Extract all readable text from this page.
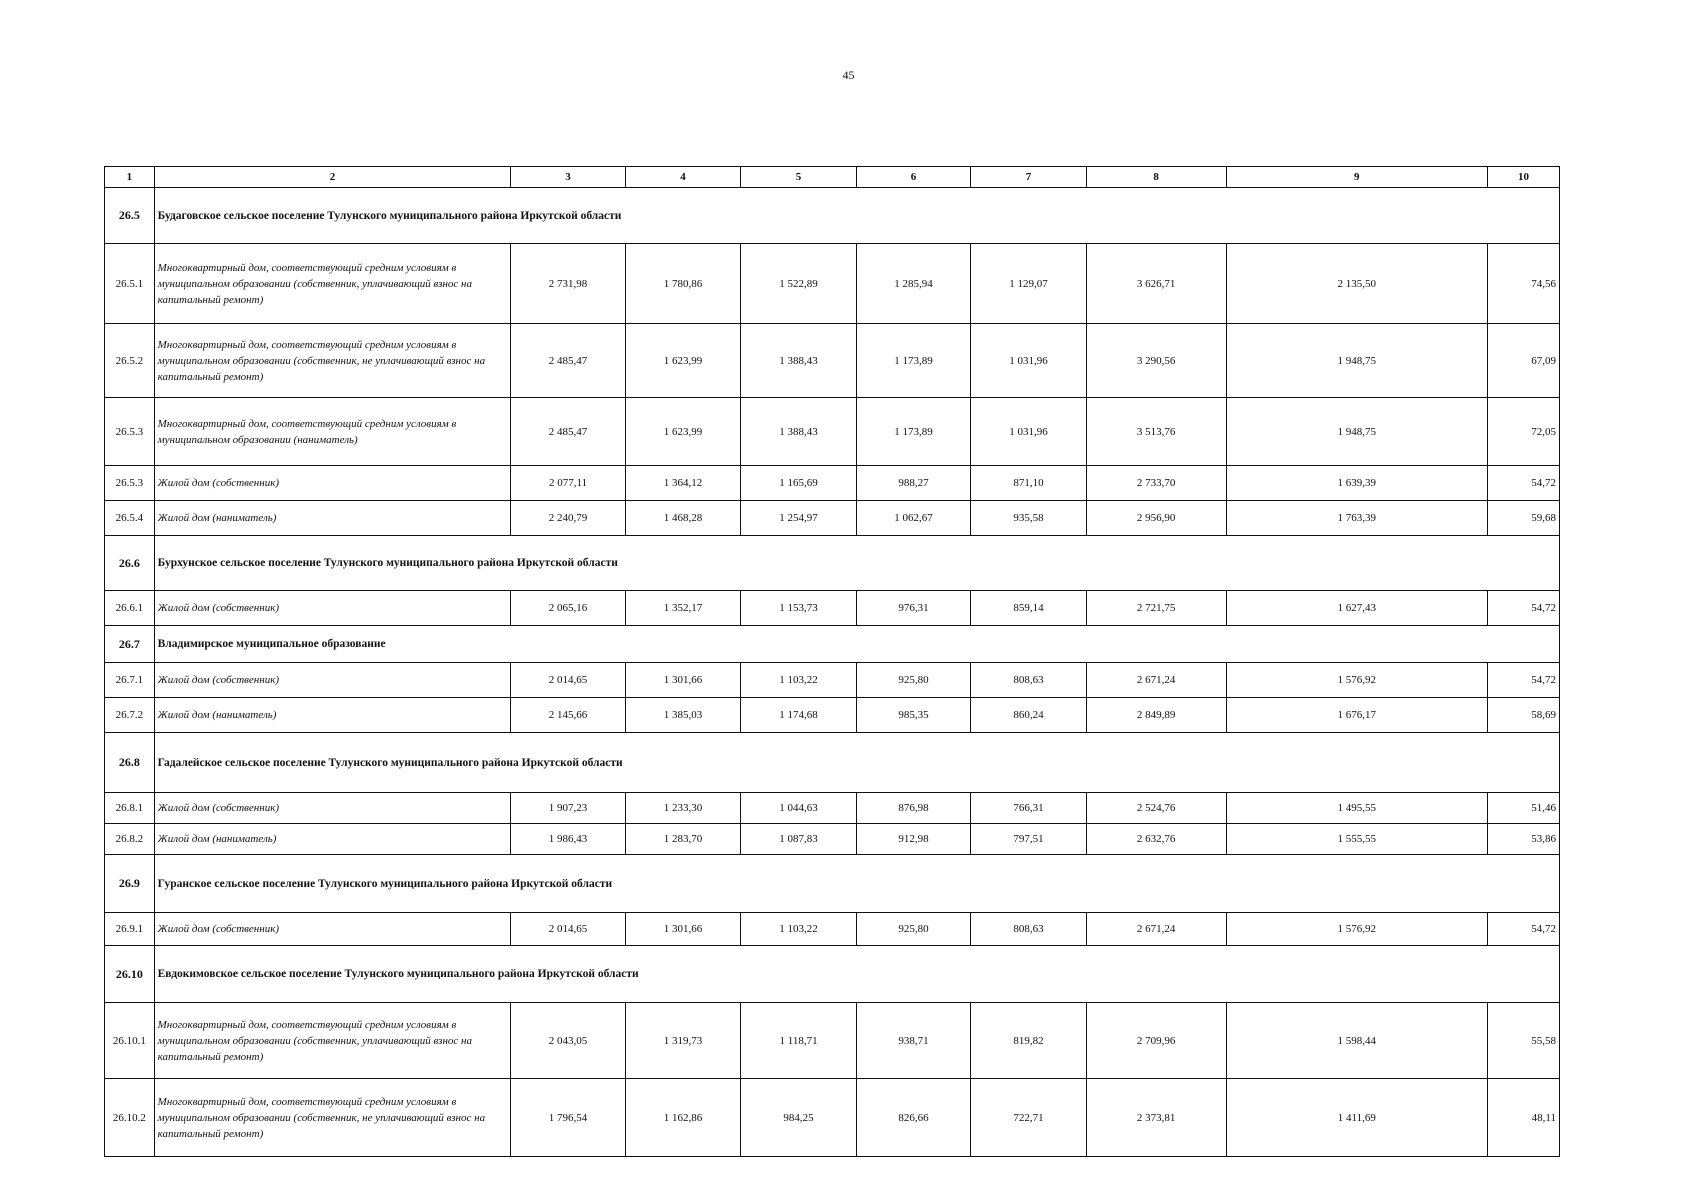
45
1	2	3	4	5	6	7	8	9	10
26.5	Будаговское сельское поселение Тулунского муниципального района Иркутской области								
26.5.1	Многоквартирный дом, соответствующий средним условиям в муниципальном образовании (собственник, уплачивающий взнос на капитальный ремонт)	2 731,98	1 780,86	1 522,89	1 285,94	1 129,07	3 626,71	2 135,50	74,56
26.5.2	Многоквартирный дом, соответствующий средним условиям в муниципальном образовании (собственник, не уплачивающий взнос на капитальный ремонт)	2 485,47	1 623,99	1 388,43	1 173,89	1 031,96	3 290,56	1 948,75	67,09
26.5.3	Многоквартирный дом, соответствующий средним условиям в муниципальном образовании (наниматель)	2 485,47	1 623,99	1 388,43	1 173,89	1 031,96	3 513,76	1 948,75	72,05
26.5.3	Жилой дом (собственник)	2 077,11	1 364,12	1 165,69	988,27	871,10	2 733,70	1 639,39	54,72
26.5.4	Жилой дом (наниматель)	2 240,79	1 468,28	1 254,97	1 062,67	935,58	2 956,90	1 763,39	59,68
26.6	Бурхунское сельское поселение Тулунского муниципального района Иркутской области								
26.6.1	Жилой дом (собственник)	2 065,16	1 352,17	1 153,73	976,31	859,14	2 721,75	1 627,43	54,72
26.7	Владимирское муниципальное образование								
26.7.1	Жилой дом (собственник)	2 014,65	1 301,66	1 103,22	925,80	808,63	2 671,24	1 576,92	54,72
26.7.2	Жилой дом (наниматель)	2 145,66	1 385,03	1 174,68	985,35	860,24	2 849,89	1 676,17	58,69
26.8	Гадалейское сельское поселение Тулунского муниципального района Иркутской области								
26.8.1	Жилой дом (собственник)	1 907,23	1 233,30	1 044,63	876,98	766,31	2 524,76	1 495,55	51,46
26.8.2	Жилой дом (наниматель)	1 986,43	1 283,70	1 087,83	912,98	797,51	2 632,76	1 555,55	53,86
26.9	Гуранское сельское поселение Тулунского муниципального района Иркутской области								
26.9.1	Жилой дом (собственник)	2 014,65	1 301,66	1 103,22	925,80	808,63	2 671,24	1 576,92	54,72
26.10	Евдокимовское сельское поселение Тулунского муниципального района Иркутской области								
26.10.1	Многоквартирный дом, соответствующий средним условиям в муниципальном образовании (собственник, уплачивающий взнос на капитальный ремонт)	2 043,05	1 319,73	1 118,71	938,71	819,82	2 709,96	1 598,44	55,58
26.10.2	Многоквартирный дом, соответствующий средним условиям в муниципальном образовании (собственник, не уплачивающий взнос на капитальный ремонт)	1 796,54	1 162,86	984,25	826,66	722,71	2 373,81	1 411,69	48,11
